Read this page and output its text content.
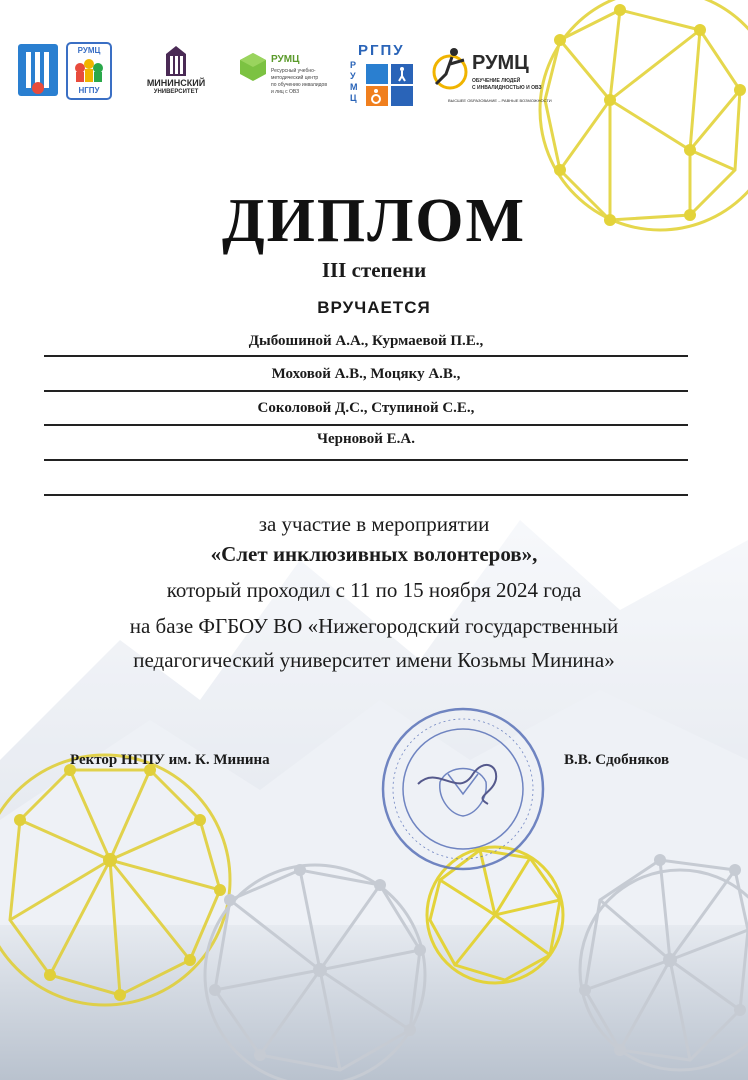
РУМЦ
НГПУ
МИНИНСКИЙ
УНИВЕРСИТЕТ
РУМЦ
Ресурсный учебно-
методический центр
по обучению инвалидов
и лиц с ОВЗ
РГПУ
РУМЦ
РУМЦ
ОБУЧЕНИЕ ЛЮДЕЙ
С ИНВАЛИДНОСТЬЮ И ОВЗ
ВЫСШЕЕ ОБРАЗОВАНИЕ – РАВНЫЕ ВОЗМОЖНОСТИ
ДИПЛОМ
III степени
ВРУЧАЕТСЯ
Дыбошиной А.А., Курмаевой П.Е.,
Моховой А.В., Моцяку А.В.,
Соколовой Д.С., Ступиной С.Е.,
Черновой Е.А.
за участие в мероприятии
«Слет инклюзивных волонтеров»,
который проходил с 11 по 15 ноября 2024 года
на базе ФГБОУ ВО «Нижегородский государственный
педагогический университет имени Козьмы Минина»
Ректор НГПУ им. К. Минина	В.В. Сдобняков
